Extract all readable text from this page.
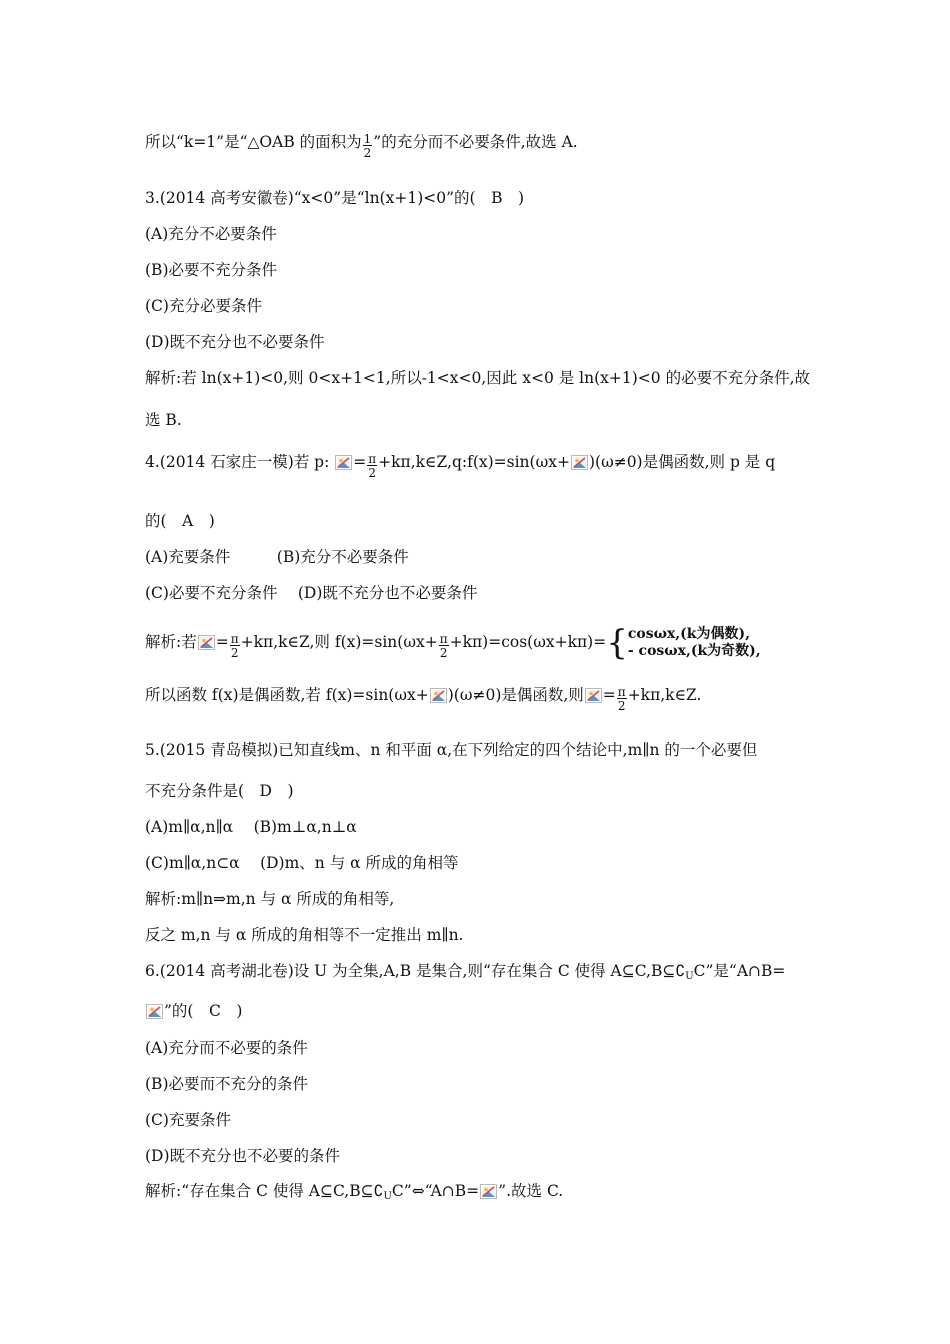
所以“k=1”是“△OAB 的面积为 $\frac{1}{2}$ ”的充分而不必要条件,故选 A.
3.(2014 高考安徽卷)“x<0”是“ln(x+1)<0”的(　B　)
(A)充分不必要条件
(B)必要不充分条件
(C)充分必要条件
(D)既不充分也不必要条件
解析:若 ln(x+1)<0,则 0<x+1<1,所以-1<x<0,因此 x<0 是 ln(x+1)<0 的必要不充分条件,故
选 B.
4.(2014 石家庄一模)若 p: = $\frac{\pi}{2}$ +kπ,k∈Z,q:f(x)=sin(ωx+ )(ω≠0)是偶函数,则 p 是 q
的(　A　)
(A)充要条件　　　(B)充分不必要条件
(C)必要不充分条件　 (D)既不充分也不必要条件
解析:若 = $\frac{\pi}{2}$ +kπ,k∈Z,则 $f(x)=\sin(\omega x+ \frac{\pi}{2} +k\pi)=\cos(\omega x+k\pi)=${ cosωx,(k为偶数),
- cosωx,(k为奇数),
所以函数 f(x)是偶函数,若 f(x)=sin(ωx+ )(ω≠0)是偶函数,则 = $\frac{\pi}{2}$ +kπ,k∈Z.
5.(2015 青岛模拟)已知直线m、n 和平面 α,在下列给定的四个结论中,m∥n 的一个必要但
不充分条件是(　D　)
(A)m∥α,n∥α　 (B)m⊥α,n⊥α
(C)m∥α,n⊂α　 (D)m、n 与 α 所成的角相等
解析:m∥n⇒m,n 与 α 所成的角相等,
反之 m,n 与 α 所成的角相等不一定推出 m∥n.
6.(2014 高考湖北卷)设 U 为全集,A,B 是集合,则“存在集合 C 使得 $A⊆C,B⊆∁_UC$”是“A∩B=
”的(　C　)
(A)充分而不必要的条件
(B)必要而不充分的条件
(C)充要条件
(D)既不充分也不必要的条件
解析:“存在集合 C 使得 $A⊆C,B⊆∁_UC”\Leftrightarrow“A\cap B=$ ”.故选 C.
